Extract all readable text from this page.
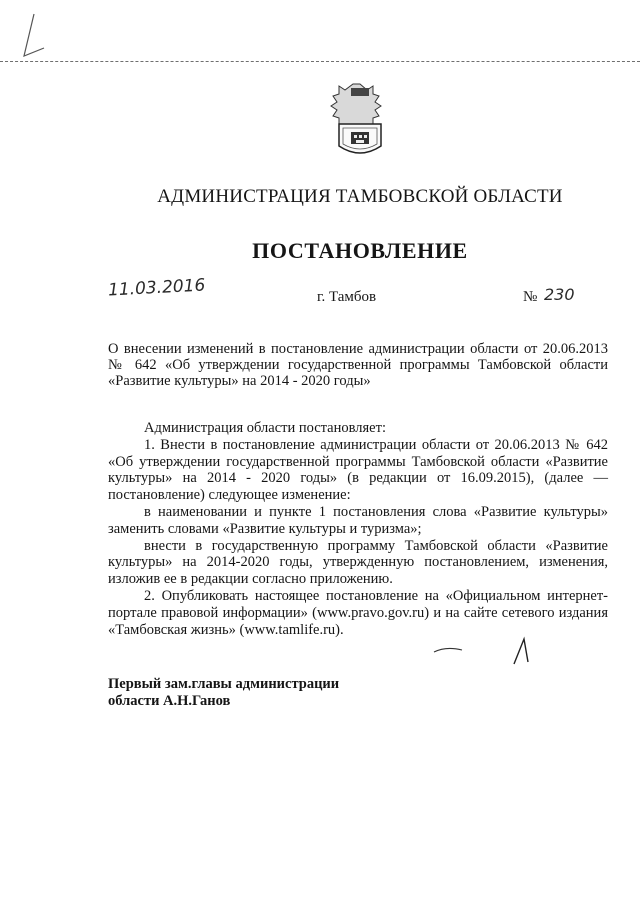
АДМИНИСТРАЦИЯ ТАМБОВСКОЙ ОБЛАСТИ
ПОСТАНОВЛЕНИЕ
11.03.2016	г. Тамбов	№ 230
О внесении изменений в постановление администрации области от 20.06.2013 № 642 «Об утверждении государственной программы Тамбовской области «Развитие культуры» на 2014 - 2020 годы»

Администрация области постановляет:

1. Внести в постановление администрации области от 20.06.2013 № 642 «Об утверждении государственной программы Тамбовской области «Развитие культуры» на 2014 - 2020 годы» (в редакции от 16.09.2015), (далее — постановление) следующее изменение:

в наименовании и пункте 1 постановления слова «Развитие культуры» заменить словами «Развитие культуры и туризма»;

внести в государственную программу Тамбовской области «Развитие культуры» на 2014-2020 годы, утвержденную постановлением, изменения, изложив ее в редакции согласно приложению.

2. Опубликовать настоящее постановление на «Официальном интернет-портале правовой информации» (www.pravo.gov.ru) и на сайте сетевого издания «Тамбовская жизнь» (www.tamlife.ru).

Первый зам.главы администрации
области А.Н.Ганов
